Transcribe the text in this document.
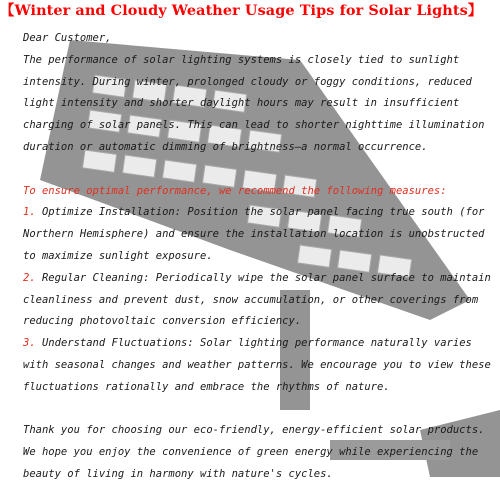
【Winter and Cloudy Weather Usage Tips for Solar Lights】

Dear Customer,

The performance of solar lighting systems is closely tied to sunlight intensity. During winter, prolonged cloudy or foggy conditions, reduced light intensity and shorter daylight hours may result in insufficient charging of solar panels. This can lead to shorter nighttime illumination duration or automatic dimming of brightness—a normal occurrence.

To ensure optimal performance, we recommend the following measures:

1. Optimize Installation: Position the solar panel facing true south (for Northern Hemisphere) and ensure the installation location is unobstructed to maximize sunlight exposure.

2. Regular Cleaning: Periodically wipe the solar panel surface to maintain cleanliness and prevent dust, snow accumulation, or other coverings from reducing photovoltaic conversion efficiency.

3. Understand Fluctuations: Solar lighting performance naturally varies with seasonal changes and weather patterns. We encourage you to view these fluctuations rationally and embrace the rhythms of nature.

Thank you for choosing our eco-friendly, energy-efficient solar products. We hope you enjoy the convenience of green energy while experiencing the beauty of living in harmony with nature's cycles.
